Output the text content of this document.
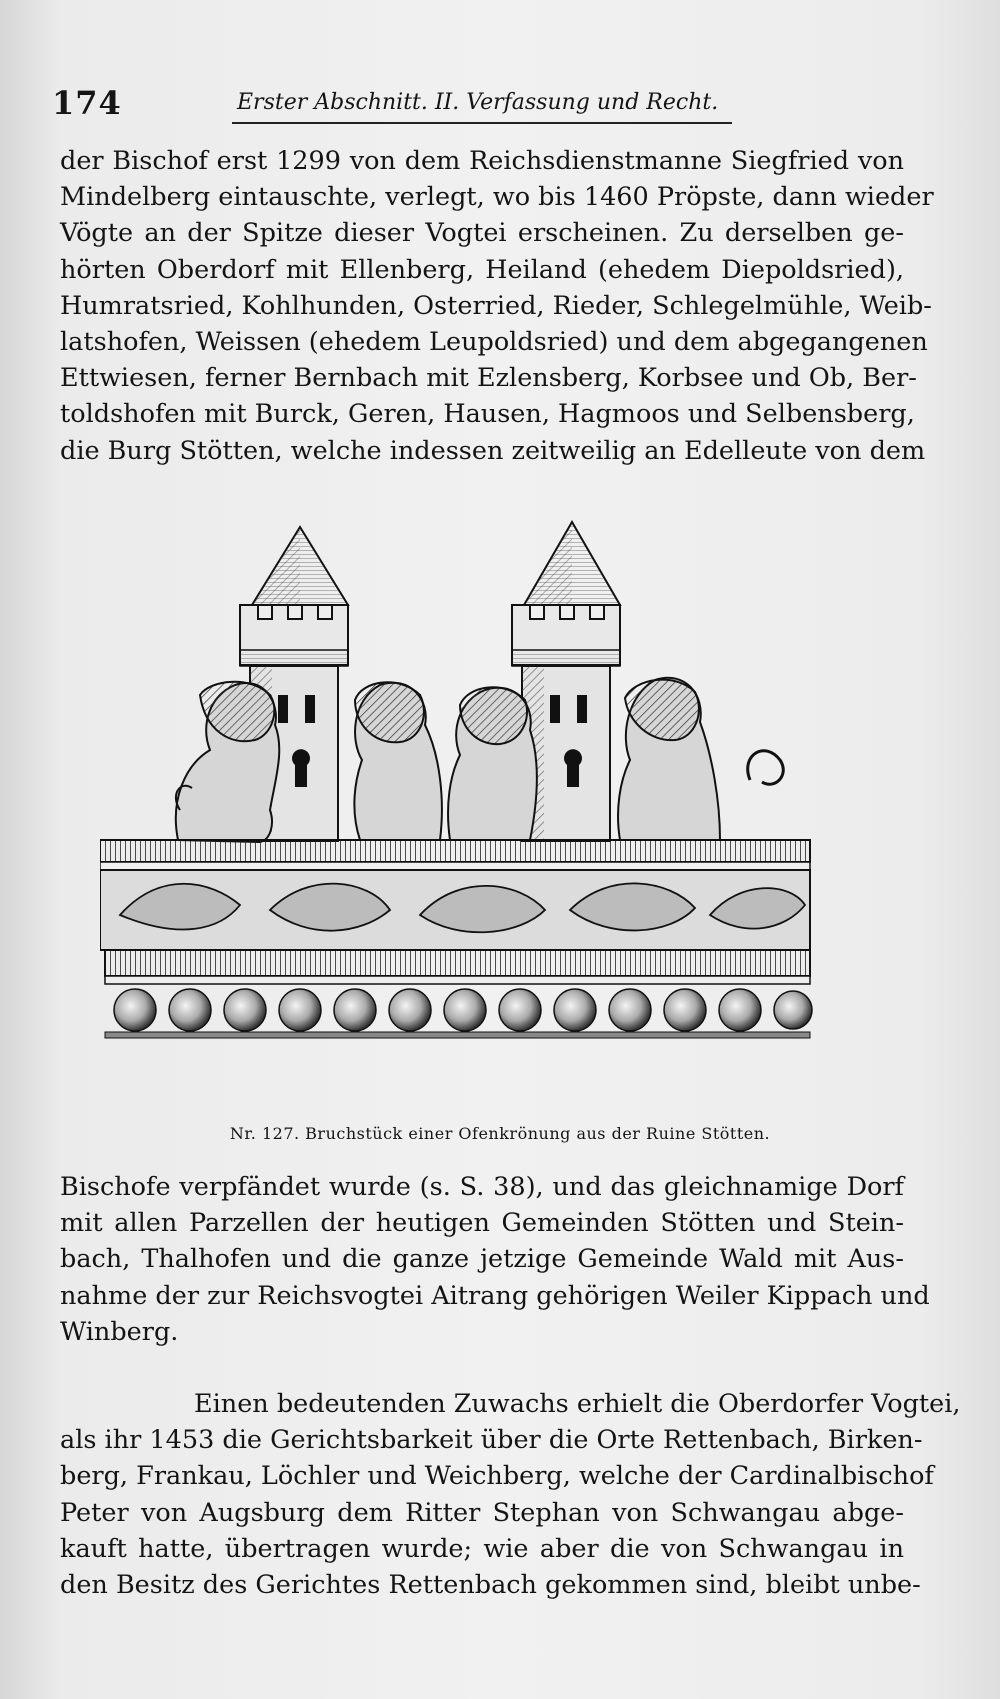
174	Erster Abschnitt. II. Verfassung und Recht.
der Bischof erst 1299 von dem Reichsdienstmanne Siegfried von
Mindelberg eintauschte, verlegt, wo bis 1460 Pröpste, dann wieder
Vögte an der Spitze dieser Vogtei erscheinen. Zu derselben ge-
hörten Oberdorf mit Ellenberg, Heiland (ehedem Diepoldsried),
Humratsried, Kohlhunden, Osterried, Rieder, Schlegelmühle, Weib-
latshofen, Weissen (ehedem Leupoldsried) und dem abgegangenen
Ettwiesen, ferner Bernbach mit Ezlensberg, Korbsee und Ob, Ber-
toldshofen mit Burck, Geren, Hausen, Hagmoos und Selbensberg,
die Burg Stötten, welche indessen zeitweilig an Edelleute von dem
Nr. 127. Bruchstück einer Ofenkrönung aus der Ruine Stötten.
Bischofe verpfändet wurde (s. S. 38), und das gleichnamige Dorf
mit allen Parzellen der heutigen Gemeinden Stötten und Stein-
bach, Thalhofen und die ganze jetzige Gemeinde Wald mit Aus-
nahme der zur Reichsvogtei Aitrang gehörigen Weiler Kippach und
Winberg.
Einen bedeutenden Zuwachs erhielt die Oberdorfer Vogtei,
als ihr 1453 die Gerichtsbarkeit über die Orte Rettenbach, Birken-
berg, Frankau, Löchler und Weichberg, welche der Cardinalbischof
Peter von Augsburg dem Ritter Stephan von Schwangau abge-
kauft hatte, übertragen wurde; wie aber die von Schwangau in
den Besitz des Gerichtes Rettenbach gekommen sind, bleibt unbe-
